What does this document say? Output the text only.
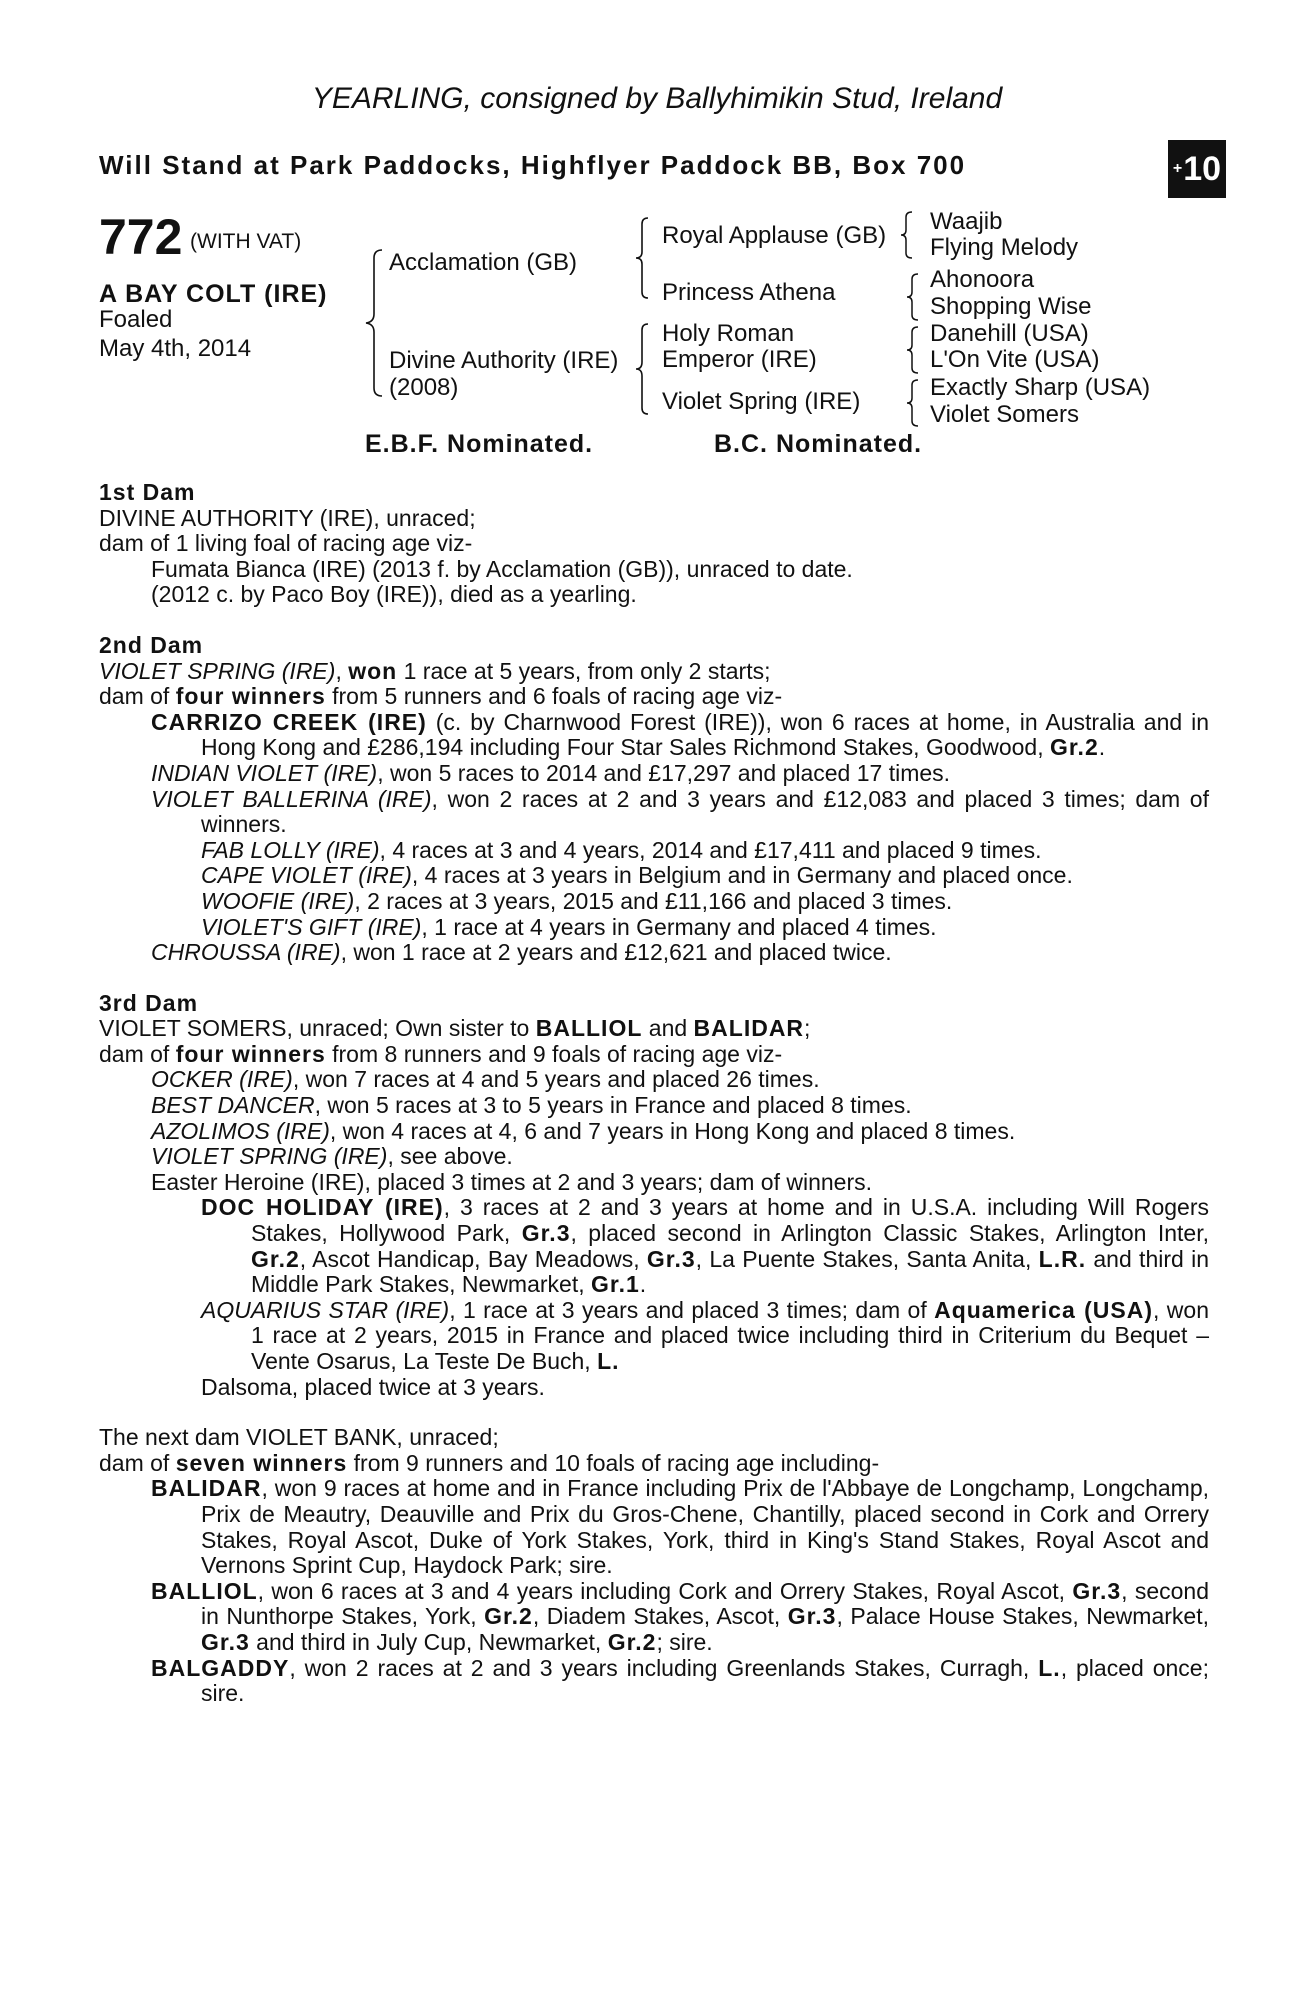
YEARLING, consigned by Ballyhimikin Stud, Ireland
Will Stand at Park Paddocks, Highflyer Paddock BB, Box 700	+ 10
772 (WITH VAT)
A BAY COLT (IRE)
Foaled
May 4th, 2014
Acclamation (GB)
Divine Authority (IRE)
(2008)
Royal Applause (GB)
Princess Athena
Holy Roman
Emperor (IRE)
Violet Spring (IRE)
Waajib
Flying Melody
Ahonoora
Shopping Wise
Danehill (USA)
L'On Vite (USA)
Exactly Sharp (USA)
Violet Somers
E.B.F. Nominated.	B.C. Nominated.

1st Dam

DIVINE AUTHORITY (IRE), unraced;

dam of 1 living foal of racing age viz-

Fumata Bianca (IRE) (2013 f. by Acclamation (GB)), unraced to date.

(2012 c. by Paco Boy (IRE)), died as a yearling.

2nd Dam

VIOLET SPRING (IRE), won 1 race at 5 years, from only 2 starts;

dam of four winners from 5 runners and 6 foals of racing age viz-

CARRIZO CREEK (IRE) (c. by Charnwood Forest (IRE)), won 6 races at home, in Australia and in Hong Kong and £286,194 including Four Star Sales Richmond Stakes, Goodwood, Gr.2.

INDIAN VIOLET (IRE), won 5 races to 2014 and £17,297 and placed 17 times.

VIOLET BALLERINA (IRE), won 2 races at 2 and 3 years and £12,083 and placed 3 times; dam of winners.

FAB LOLLY (IRE), 4 races at 3 and 4 years, 2014 and £17,411 and placed 9 times.

CAPE VIOLET (IRE), 4 races at 3 years in Belgium and in Germany and placed once.

WOOFIE (IRE), 2 races at 3 years, 2015 and £11,166 and placed 3 times.

VIOLET'S GIFT (IRE), 1 race at 4 years in Germany and placed 4 times.

CHROUSSA (IRE), won 1 race at 2 years and £12,621 and placed twice.

3rd Dam

VIOLET SOMERS, unraced; Own sister to BALLIOL and BALIDAR;

dam of four winners from 8 runners and 9 foals of racing age viz-

OCKER (IRE), won 7 races at 4 and 5 years and placed 26 times.

BEST DANCER, won 5 races at 3 to 5 years in France and placed 8 times.

AZOLIMOS (IRE), won 4 races at 4, 6 and 7 years in Hong Kong and placed 8 times.

VIOLET SPRING (IRE), see above.

Easter Heroine (IRE), placed 3 times at 2 and 3 years; dam of winners.

DOC HOLIDAY (IRE), 3 races at 2 and 3 years at home and in U.S.A. including Will Rogers Stakes, Hollywood Park, Gr.3, placed second in Arlington Classic Stakes, Arlington Inter, Gr.2, Ascot Handicap, Bay Meadows, Gr.3, La Puente Stakes, Santa Anita, L.R. and third in Middle Park Stakes, Newmarket, Gr.1.

AQUARIUS STAR (IRE), 1 race at 3 years and placed 3 times; dam of Aquamerica (USA), won 1 race at 2 years, 2015 in France and placed twice including third in Criterium du Bequet – Vente Osarus, La Teste De Buch, L.

Dalsoma, placed twice at 3 years.

The next dam VIOLET BANK, unraced;

dam of seven winners from 9 runners and 10 foals of racing age including-

BALIDAR, won 9 races at home and in France including Prix de l'Abbaye de Longchamp, Longchamp, Prix de Meautry, Deauville and Prix du Gros-Chene, Chantilly, placed second in Cork and Orrery Stakes, Royal Ascot, Duke of York Stakes, York, third in King's Stand Stakes, Royal Ascot and Vernons Sprint Cup, Haydock Park; sire.

BALLIOL, won 6 races at 3 and 4 years including Cork and Orrery Stakes, Royal Ascot, Gr.3, second in Nunthorpe Stakes, York, Gr.2, Diadem Stakes, Ascot, Gr.3, Palace House Stakes, Newmarket, Gr.3 and third in July Cup, Newmarket, Gr.2; sire.

BALGADDY, won 2 races at 2 and 3 years including Greenlands Stakes, Curragh, L., placed once; sire.
